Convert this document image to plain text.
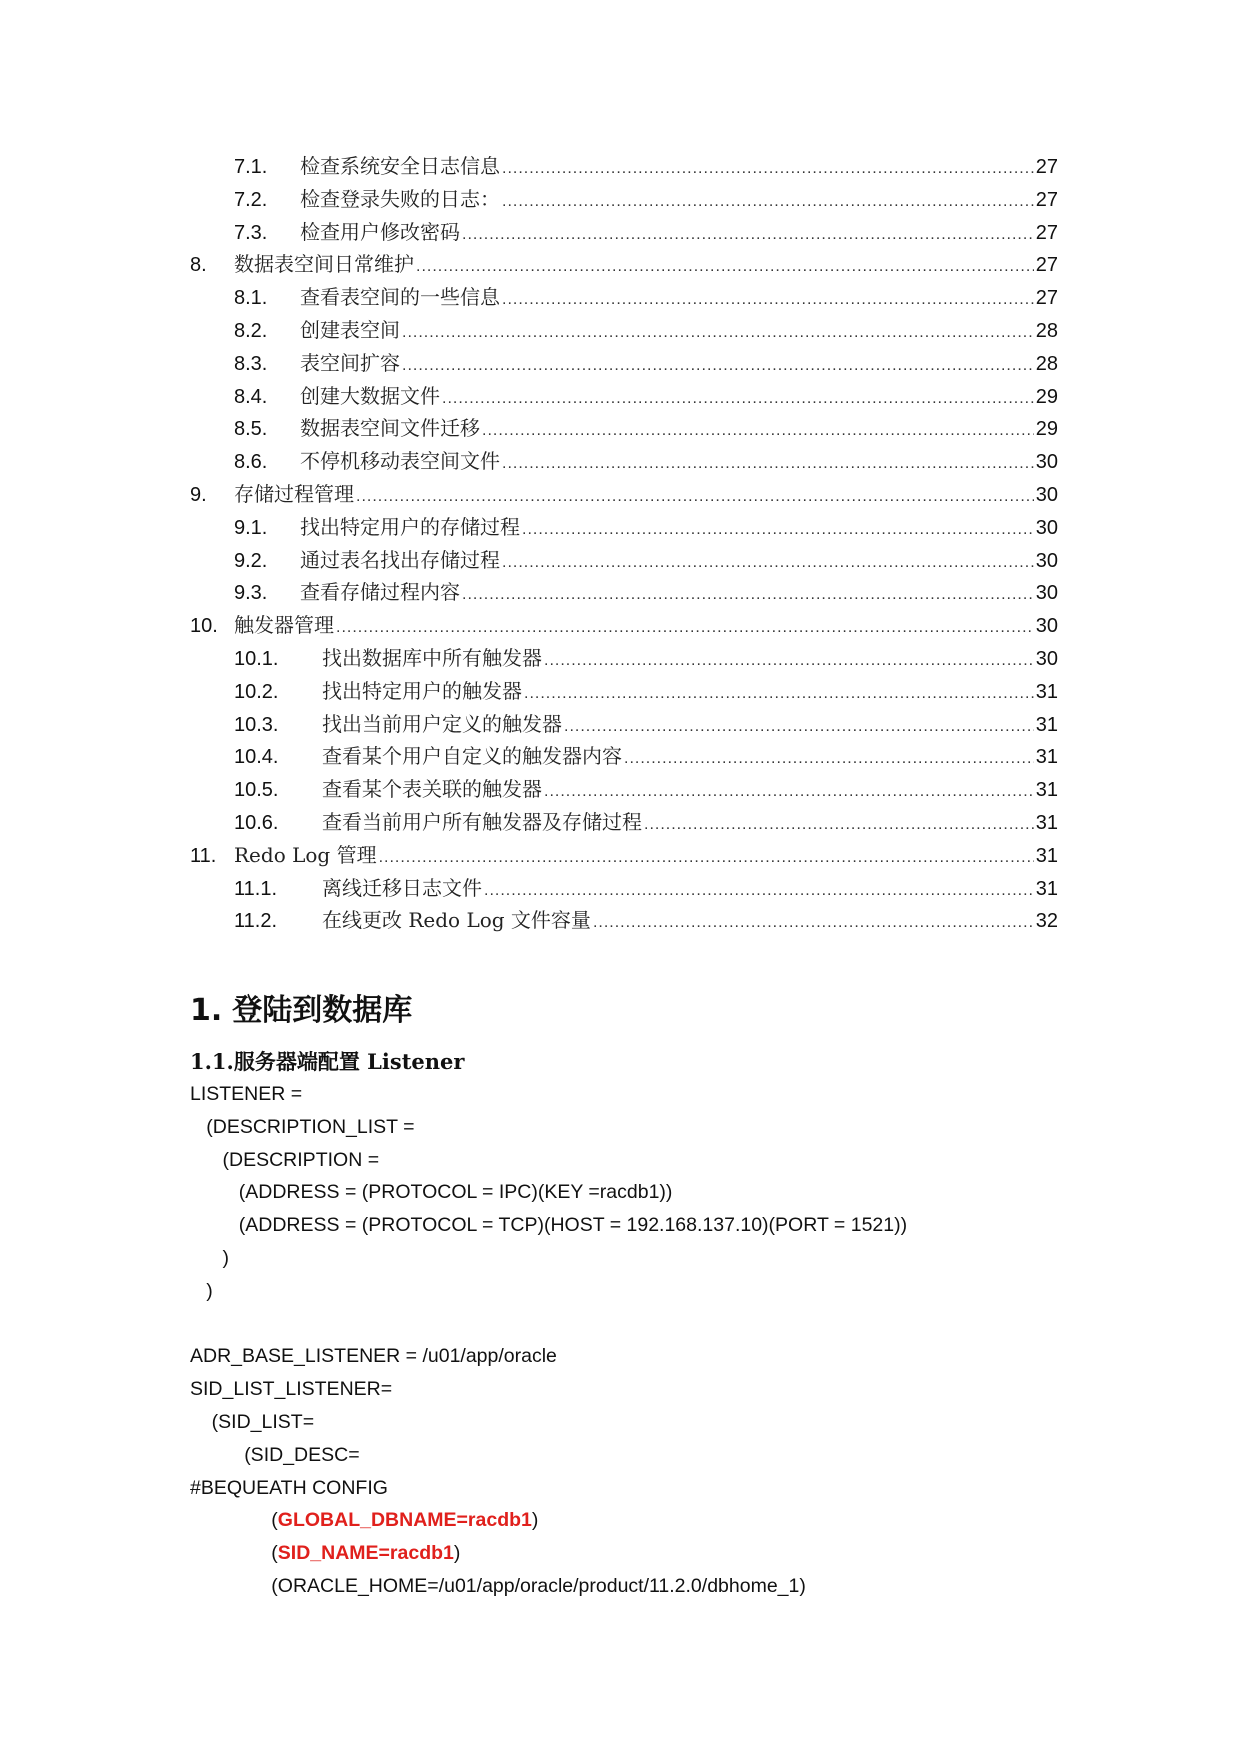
7.1.	检查系统安全日志信息 .....	27
7.2.	检查登录失败的日志： .....	27
7.3.	检查用户修改密码 .....	27
8.	数据表空间日常维护 .....	27
8.1.	查看表空间的一些信息 .....	27
8.2.	创建表空间 .....	28
8.3.	表空间扩容 .....	28
8.4.	创建大数据文件 .....	29
8.5.	数据表空间文件迁移 .....	29
8.6.	不停机移动表空间文件 .....	30
9.	存储过程管理 .....	30
9.1.	找出特定用户的存储过程 .....	30
9.2.	通过表名找出存储过程 .....	30
9.3.	查看存储过程内容 .....	30
10. 触发器管理 .....	30
10.1.	找出数据库中所有触发器 .....	30
10.2.	找出特定用户的触发器 .....	31
10.3.	找出当前用户定义的触发器 .....	31
10.4.	查看某个用户自定义的触发器内容 .....	31
10.5.	查看某个表关联的触发器 .....	31
10.6.	查看当前用户所有触发器及存储过程 .....	31
11. Redo Log 管理 .....	31
11.1.	离线迁移日志文件 .....	31
11.2.	在线更改 Redo Log 文件容量 .....	32
1. 登陆到数据库
1.1.服务器端配置 Listener
LISTENER =
(DESCRIPTION_LIST =
(DESCRIPTION =
(ADDRESS = (PROTOCOL = IPC)(KEY =racdb1))
(ADDRESS = (PROTOCOL = TCP)(HOST = 192.168.137.10)(PORT = 1521))
)
)
ADR_BASE_LISTENER = /u01/app/oracle
SID_LIST_LISTENER=
(SID_LIST=
(SID_DESC=
#BEQUEATH CONFIG
(GLOBAL_DBNAME=racdb1)
(SID_NAME=racdb1)
(ORACLE_HOME=/u01/app/oracle/product/11.2.0/dbhome_1)
